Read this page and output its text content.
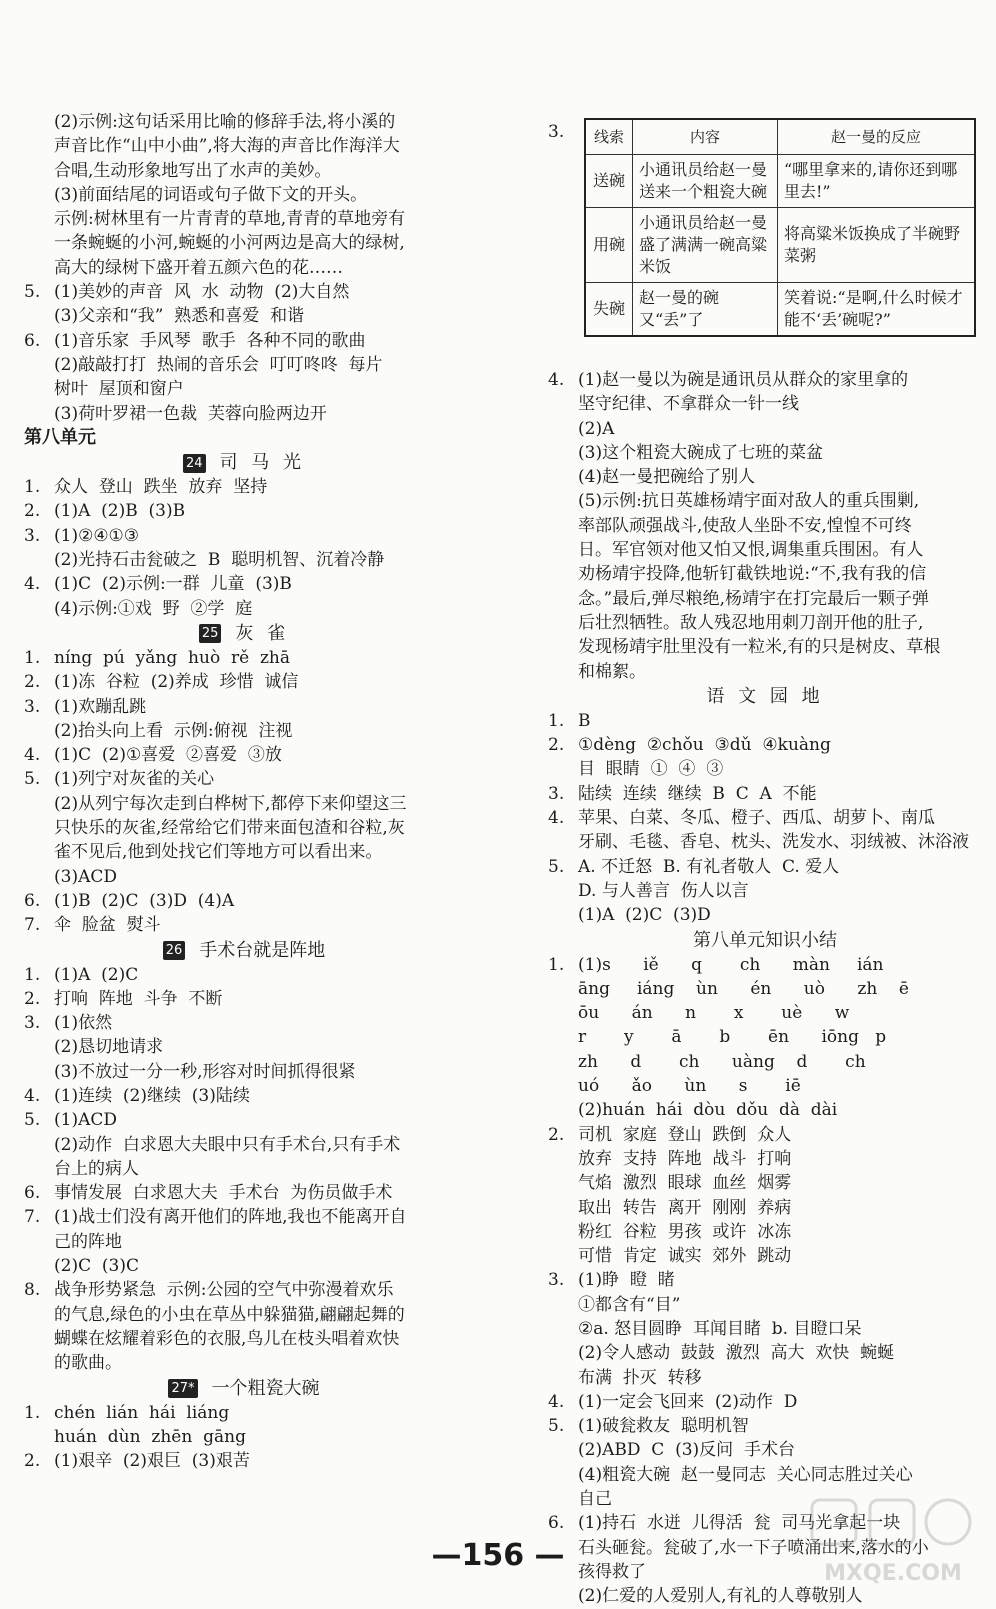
(2)示例:这句话采用比喻的修辞手法,将小溪的
声音比作“山中小曲”,将大海的声音比作海洋大
合唱,生动形象地写出了水声的美妙。
(3)前面结尾的词语或句子做下文的开头。
示例:树林里有一片青青的草地,青青的草地旁有
一条蜿蜒的小河,蜿蜒的小河两边是高大的绿树,
高大的绿树下盛开着五颜六色的花……
5. (1)美妙的声音  风  水  动物  (2)大自然
(3)父亲和“我”  熟悉和喜爱  和谐
6. (1)音乐家  手风琴  歌手  各种不同的歌曲
(2)敲敲打打  热闹的音乐会  叮叮咚咚  每片
树叶  屋顶和窗户
(3)荷叶罗裙一色裁  芙蓉向脸两边开
第八单元
24 司 马 光
1. 众人  登山  跌坐  放弃  坚持
2. (1)A  (2)B  (3)B
3. (1)②④①③
(2)光持石击瓮破之  B  聪明机智、沉着冷静
4. (1)C  (2)示例:一群  儿童  (3)B
(4)示例:①戏  野  ②学  庭
25 灰 雀
1. níng  pú  yǎng  huò  rě  zhā
2. (1)冻  谷粒  (2)养成  珍惜  诚信
3. (1)欢蹦乱跳
(2)抬头向上看  示例:俯视  注视
4. (1)C  (2)①喜爱  ②喜爱  ③放
5. (1)列宁对灰雀的关心
(2)从列宁每次走到白桦树下,都停下来仰望这三
只快乐的灰雀,经常给它们带来面包渣和谷粒,灰
雀不见后,他到处找它们等地方可以看出来。
(3)ACD
6. (1)B  (2)C  (3)D  (4)A
7. 伞  脸盆  熨斗
26 手术台就是阵地
1. (1)A  (2)C
2. 打响  阵地  斗争  不断
3. (1)依然
(2)恳切地请求
(3)不放过一分一秒,形容对时间抓得很紧
4. (1)连续  (2)继续  (3)陆续
5. (1)ACD
(2)动作  白求恩大夫眼中只有手术台,只有手术
台上的病人
6. 事情发展  白求恩大夫  手术台  为伤员做手术
7. (1)战士们没有离开他们的阵地,我也不能离开自
己的阵地
(2)C  (3)C
8. 战争形势紧急  示例:公园的空气中弥漫着欢乐
的气息,绿色的小虫在草丛中躲猫猫,翩翩起舞的
蝴蝶在炫耀着彩色的衣服,鸟儿在枝头唱着欢快
的歌曲。
27* 一个粗瓷大碗
1. chén  lián  hái  liáng
huán  dùn  zhēn  gāng
2. (1)艰辛  (2)艰巨  (3)艰苦
3. 线索	内容	赵一曼的反应
送碗	小通讯员给赵一曼送来一个粗瓷大碗	“哪里拿来的,请你还到哪里去!”
用碗	小通讯员给赵一曼盛了满满一碗高粱米饭	将高粱米饭换成了半碗野菜粥
失碗	赵一曼的碗又“丢”了	笑着说:“是啊,什么时候才能不‘丢’碗呢?”
4. (1)赵一曼以为碗是通讯员从群众的家里拿的
坚守纪律、不拿群众一针一线
(2)A
(3)这个粗瓷大碗成了七班的菜盆
(4)赵一曼把碗给了别人
(5)示例:抗日英雄杨靖宇面对敌人的重兵围剿,
率部队顽强战斗,使敌人坐卧不安,惶惶不可终
日。军官领对他又怕又恨,调集重兵围困。有人
劝杨靖宇投降,他斩钉截铁地说:“不,我有我的信
念。”最后,弹尽粮绝,杨靖宇在打完最后一颗子弹
后壮烈牺牲。敌人残忍地用刺刀剖开他的肚子,
发现杨靖宇肚里没有一粒米,有的只是树皮、草根
和棉絮。
语 文 园 地
1. B
2. ①dèng  ②chǒu  ③dǔ  ④kuàng
目  眼睛  ①  ④  ③
3. 陆续  连续  继续  B  C  A  不能
4. 苹果、白菜、冬瓜、橙子、西瓜、胡萝卜、南瓜
牙刷、毛毯、香皂、枕头、洗发水、羽绒被、沐浴液
5. A. 不迁怒  B. 有礼者敬人  C. 爱人
D. 与人善言  伤人以言
(1)A  (2)C  (3)D
第八单元知识小结
1. (1)s      iě      q       ch      màn     ián
āng     iáng    ùn      én      uò      zh    ē
ōu      án      n       x       uè      w
r       y       ā       b       ēn      iōng   p
zh      d       ch      uàng    d       ch
uó      ǎo      ùn      s       iē
(2)huán  hái  dòu  dǒu  dà  dài
2. 司机  家庭  登山  跌倒  众人
放弃  支持  阵地  战斗  打响
气焰  激烈  眼球  血丝  烟雾
取出  转告  离开  刚刚  养病
粉红  谷粒  男孩  或许  冰冻
可惜  肯定  诚实  郊外  跳动
3. (1)睁  瞪  睹
①都含有“目”
②a. 怒目圆睁  耳闻目睹  b. 目瞪口呆
(2)令人感动  鼓鼓  激烈  高大  欢快  蜿蜒
布满  扑灭  转移
4. (1)一定会飞回来  (2)动作  D
5. (1)破瓮救友  聪明机智
(2)ABD  C  (3)反问  手术台
(4)粗瓷大碗  赵一曼同志  关心同志胜过关心
自己
6. (1)持石  水迸  儿得活  瓮  司马光拿起一块
石头砸瓮。瓮破了,水一下子喷涌出来,落水的小
孩得救了
(2)仁爱的人爱别人,有礼的人尊敬别人
—156 —
MXQE.COM
